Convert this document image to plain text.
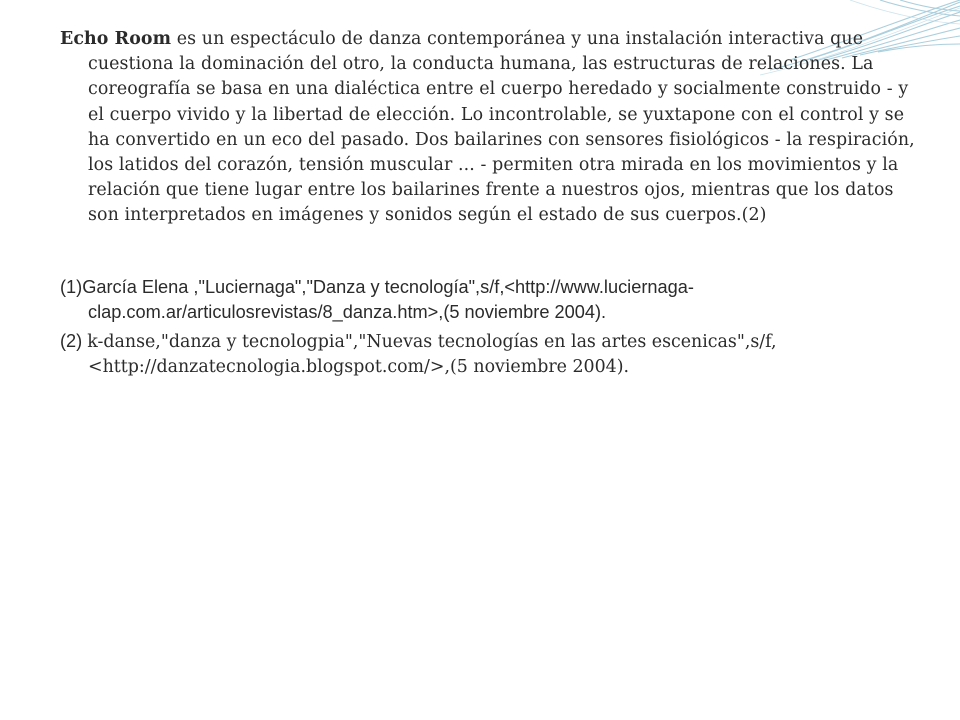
Echo Room es un espectáculo de danza contemporánea y una instalación interactiva que cuestiona la dominación del otro, la conducta humana, las estructuras de relaciones. La coreografía se basa en una dialéctica entre el cuerpo heredado y socialmente construido - y el cuerpo vivido y la libertad de elección. Lo incontrolable, se yuxtapone con el control y se ha convertido en un eco del pasado. Dos bailarines con sensores fisiológicos - la respiración, los latidos del corazón, tensión muscular ... - permiten otra mirada en los movimientos y la relación que tiene lugar entre los bailarines frente a nuestros ojos, mientras que los datos son interpretados en imágenes y sonidos según el estado de sus cuerpos.(2)

(1)García Elena ,"Luciernaga","Danza y tecnología",s/f,<http://www.luciernaga-clap.com.ar/articulosrevistas/8_danza.htm>,(5 noviembre 2004).

(2) k-danse,"danza y tecnologpia","Nuevas tecnologías en las artes escenicas",s/f,<http://danzatecnologia.blogspot.com/>,(5 noviembre 2004).
